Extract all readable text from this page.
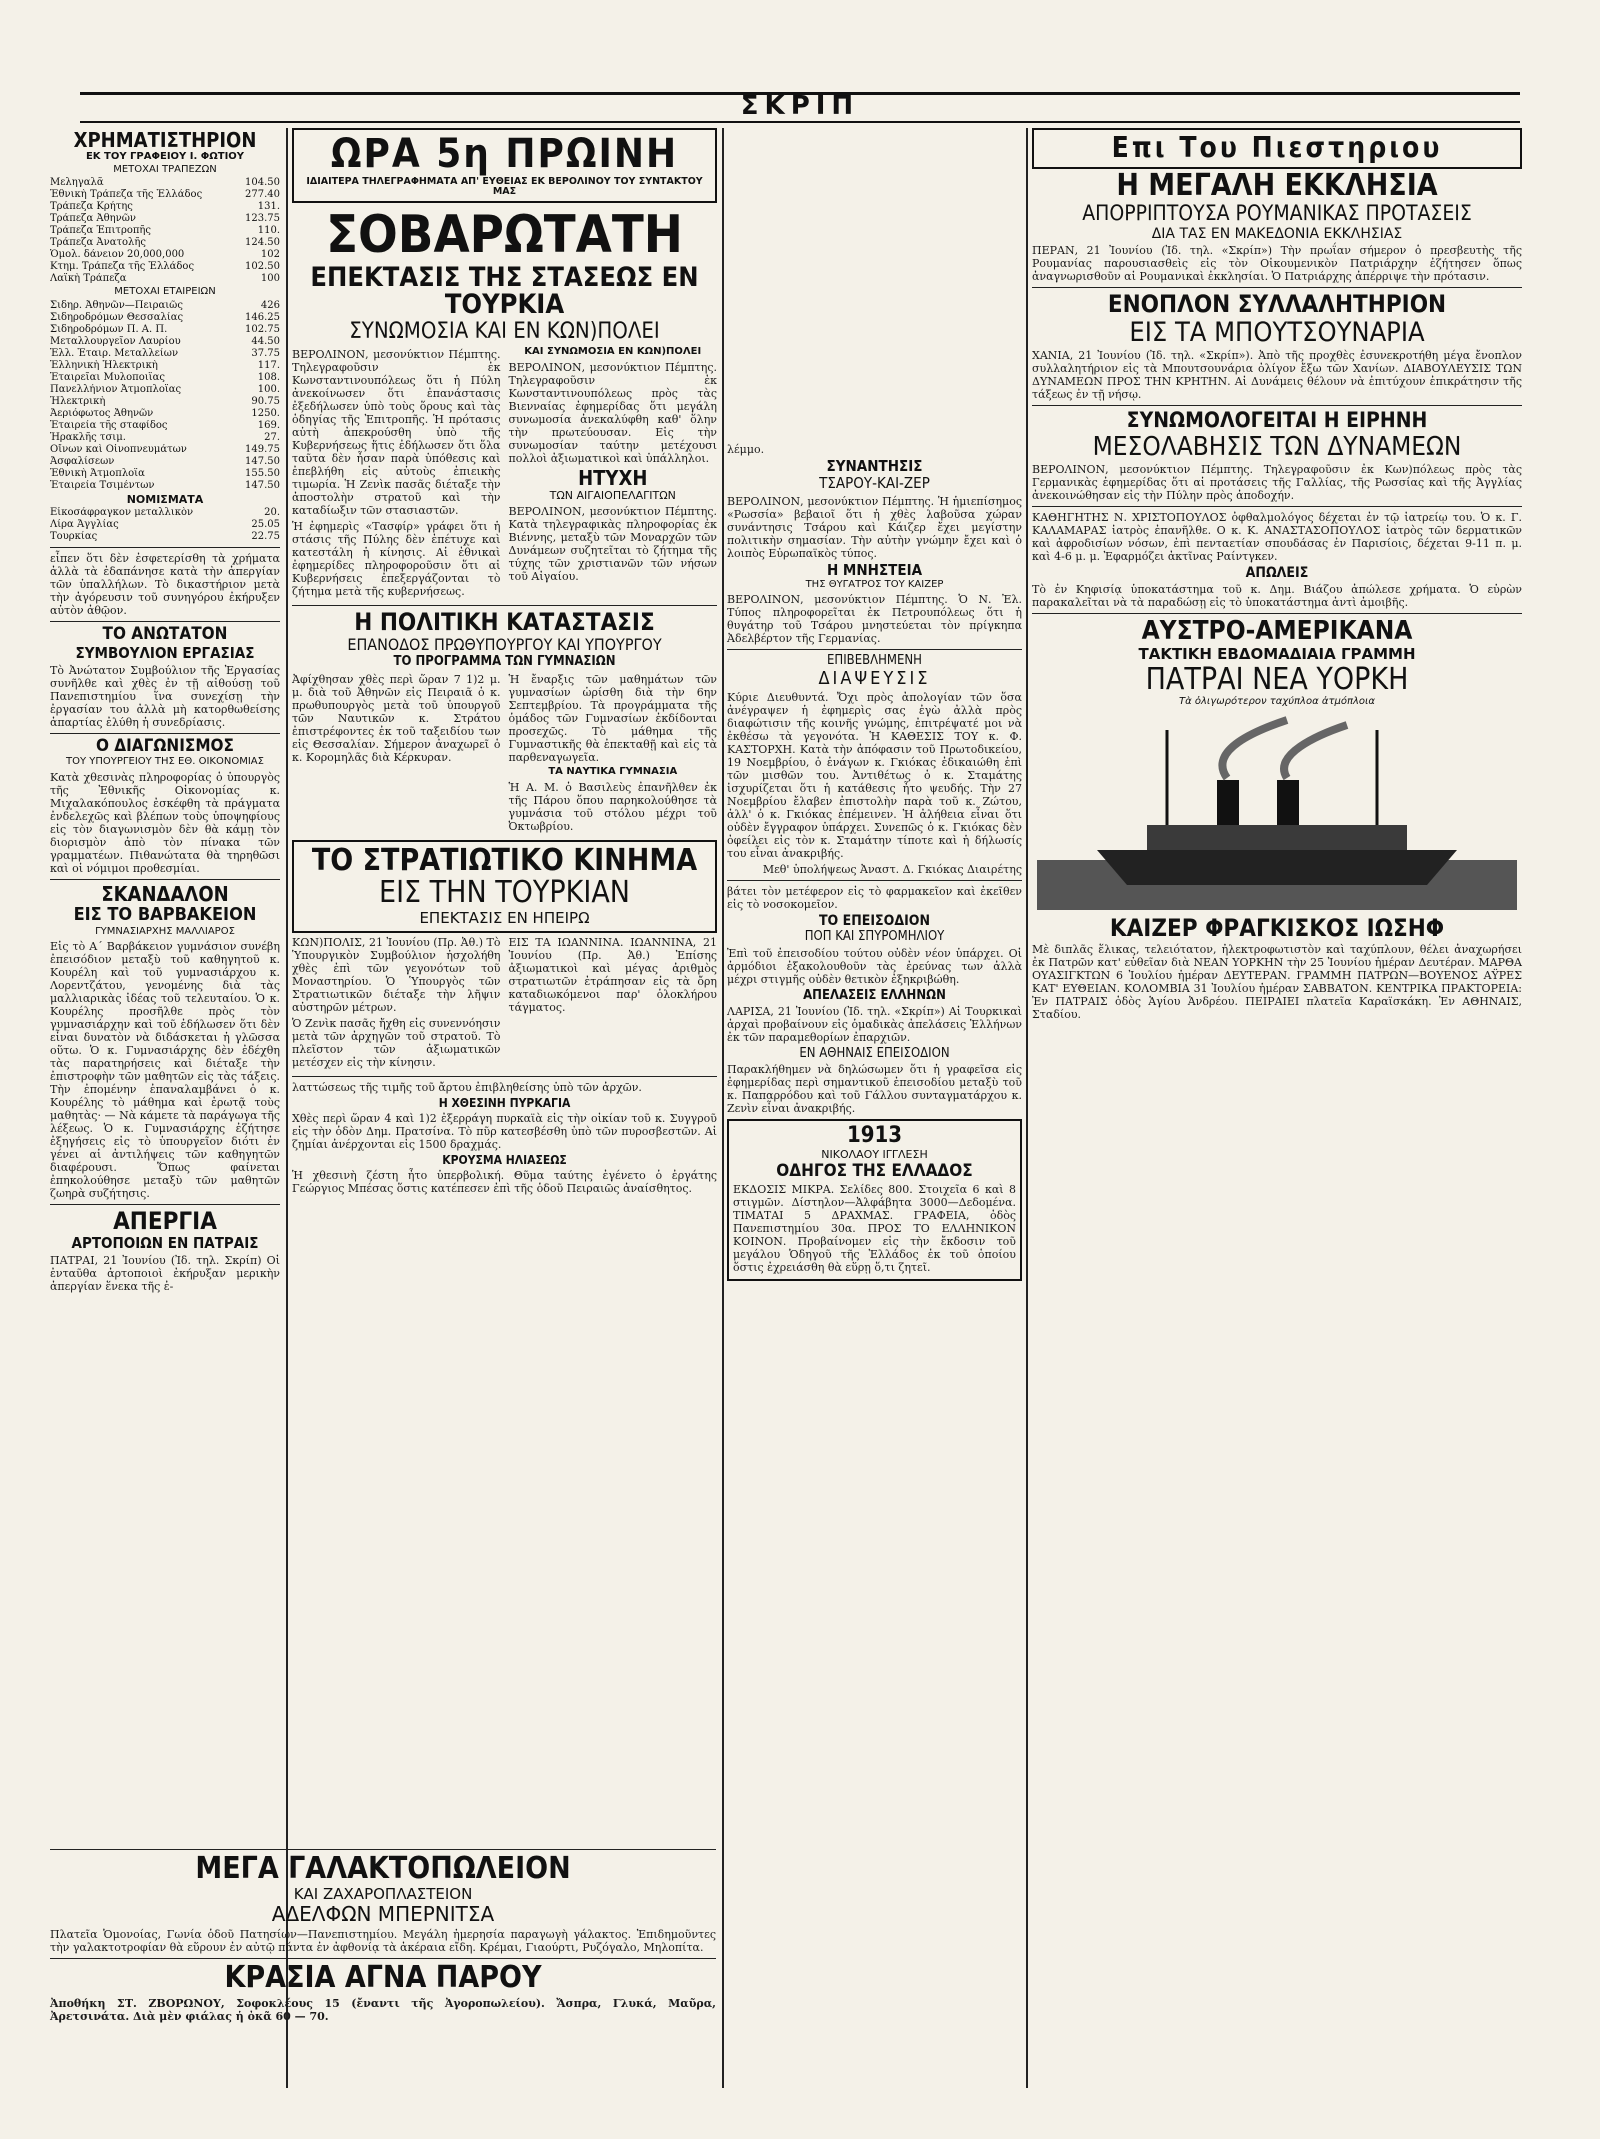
ΣΚΡΙΠ
ΧΡΗΜΑΤΙΣΤΗΡΙΟΝ
ΕΚ ΤΟΥ ΓΡΑΦΕΙΟΥ Ι. ΦΩΤΙΟΥ
ΜΕΤΟΧΑΙ ΤΡΑΠΕΖΩΝ
Μεληγαλᾶ	104.50
Ἐθνικὴ Τράπεζα τῆς Ἑλλάδος	277.40
Τράπεζα Κρήτης	131.
Τράπεζα Ἀθηνῶν	123.75
Τράπεζα Ἐπιτροπῆς	110.
Τράπεζα Ἀνατολῆς	124.50
Ὁμολ. δάνειον 20,000,000	102
Κτημ. Τράπεζα τῆς Ἑλλάδος	102.50
Λαϊκὴ Τράπεζα	100
ΜΕΤΟΧΑΙ ΕΤΑΙΡΕΙΩΝ
Σιδηρ. Ἀθηνῶν—Πειραιῶς	426
Σιδηροδρόμων Θεσσαλίας	146.25
Σιδηροδρόμων Π. Α. Π.	102.75
Μεταλλουργεῖον Λαυρίου	44.50
Ἑλλ. Ἑταιρ. Μεταλλείων	37.75
Ἑλληνικὴ Ἠλεκτρικὴ	117.
Ἑταιρεῖαι Μυλοποιΐας	108.
Πανελλήνιον Ἀτμοπλοΐας	100.
Ἠλεκτρικὴ	90.75
Ἀεριόφωτος Ἀθηνῶν	1250.
Ἑταιρεία τῆς σταφίδος	169.
Ἡρακλῆς τσιμ.	27.
Οἴνων καὶ Οἰνοπνευμάτων	149.75
Ἀσφαλίσεων	147.50
Ἐθνικὴ Ἀτμοπλοΐα	155.50
Ἑταιρεία Τσιμέντων	147.50
ΝΟΜΙΣΜΑΤΑ
Εἰκοσάφραγκον μεταλλικὸν	20.
Λίρα Ἀγγλίας	25.05
Τουρκίας	22.75
εἶπεν ὅτι δὲν ἐσφετερίσθη τὰ χρήματα ἀλλὰ τὰ ἐδαπάνησε κατὰ τὴν ἀπεργίαν τῶν ὑπαλλήλων. Τὸ δικαστήριον μετὰ τὴν ἀγόρευσιν τοῦ συνηγόρου ἐκήρυξεν αὐτὸν ἀθῷον.
ΤΟ ΑΝΩΤΑΤΟΝ
ΣΥΜΒΟΥΛΙΟΝ ΕΡΓΑΣΙΑΣ
Τὸ Ἀνώτατον Συμβούλιον τῆς Ἐργασίας συνῆλθε καὶ χθὲς ἐν τῇ αἰθούσῃ τοῦ Πανεπιστημίου ἵνα συνεχίσῃ τὴν ἐργασίαν του ἀλλὰ μὴ κατορθωθείσης ἀπαρτίας ἐλύθη ἡ συνεδρίασις.
Ο ΔΙΑΓΩΝΙΣΜΟΣ
ΤΟΥ ΥΠΟΥΡΓΕΙΟΥ ΤΗΣ ΕΘ. ΟΙΚΟΝΟΜΙΑΣ
Κατὰ χθεσινὰς πληροφορίας ὁ ὑπουργὸς τῆς Ἐθνικῆς Οἰκονομίας κ. Μιχαλακόπουλος ἐσκέφθη τὰ πράγματα ἐνδελεχῶς καὶ βλέπων τοὺς ὑποψηφίους εἰς τὸν διαγωνισμὸν δὲν θὰ κάμῃ τὸν διορισμὸν ἀπὸ τὸν πίνακα τῶν γραμματέων. Πιθανώτατα θὰ τηρηθῶσι καὶ οἱ νόμιμοι προθεσμίαι.
ΣΚΑΝΔΑΛΟΝ
ΕΙΣ ΤΟ ΒΑΡΒΑΚΕΙΟΝ
ΓΥΜΝΑΣΙΑΡΧΗΣ ΜΑΛΛΙΑΡΟΣ
Εἰς τὸ Α΄ Βαρβάκειον γυμνάσιον συνέβη ἐπεισόδιον μεταξὺ τοῦ καθηγητοῦ κ. Κουρέλη καὶ τοῦ γυμνασιάρχου κ. Λορεντζάτου, γενομένης διὰ τὰς μαλλιαρικὰς ἰδέας τοῦ τελευταίου. Ὁ κ. Κουρέλης προσῆλθε πρὸς τὸν γυμνασιάρχην καὶ τοῦ ἐδήλωσεν ὅτι δὲν εἶναι δυνατὸν νὰ διδάσκεται ἡ γλῶσσα οὕτω. Ὁ κ. Γυμνασιάρχης δὲν ἐδέχθη τὰς παρατηρήσεις καὶ διέταξε τὴν ἐπιστροφὴν τῶν μαθητῶν εἰς τὰς τάξεις. Τὴν ἐπομένην ἐπαναλαμβάνει ὁ κ. Κουρέλης τὸ μάθημα καὶ ἐρωτᾷ τοὺς μαθητὰς· — Νὰ κάμετε τὰ παράγωγα τῆς λέξεως. Ὁ κ. Γυμνασιάρχης ἐζήτησε ἐξηγήσεις εἰς τὸ ὑπουργεῖον διότι ἐν γένει αἱ ἀντιλήψεις τῶν καθηγητῶν διαφέρουσι. Ὅπως φαίνεται ἐπηκολούθησε μεταξὺ τῶν μαθητῶν ζωηρὰ συζήτησις.
ΑΠΕΡΓΙΑ
ΑΡΤΟΠΟΙΩΝ ΕΝ ΠΑΤΡΑΙΣ
ΠΑΤΡΑΙ, 21 Ἰουνίου (Ἰδ. τηλ. Σκρίπ) Οἱ ἐνταῦθα ἀρτοποιοὶ ἐκήρυξαν μερικὴν ἀπεργίαν ἕνεκα τῆς ἐ-
ΩΡΑ 5η ΠΡΩΙΝΗ
ΙΔΙΑΙΤΕΡΑ ΤΗΛΕΓΡΑΦΗΜΑΤΑ ΑΠ' ΕΥΘΕΙΑΣ ΕΚ ΒΕΡΟΛΙΝΟΥ ΤΟΥ ΣΥΝΤΑΚΤΟΥ ΜΑΣ
ΣΟΒΑΡΩΤΑΤΗ
ΕΠΕΚΤΑΣΙΣ ΤΗΣ ΣΤΑΣΕΩΣ ΕΝ ΤΟΥΡΚΙΑ
ΣΥΝΩΜΟΣΙΑ ΚΑΙ ΕΝ ΚΩΝ)ΠΟΛΕΙ
ΒΕΡΟΛΙΝΟΝ, μεσονύκτιον Πέμπτης. Τηλεγραφοῦσιν ἐκ Κωνσταντινουπόλεως ὅτι ἡ Πύλη ἀνεκοίνωσεν ὅτι ἐπανάστασις ἐξεδήλωσεν ὑπὸ τοὺς ὅρους καὶ τὰς ὁδηγίας τῆς Ἐπιτροπῆς. Ἡ πρότασις αὐτὴ ἀπεκρούσθη ὑπὸ τῆς Κυβερνήσεως ἥτις ἐδήλωσεν ὅτι ὅλα ταῦτα δὲν ἦσαν παρὰ ὑπόθεσις καὶ ἐπεβλήθη εἰς αὐτοὺς ἐπιεικὴς τιμωρία. Ἡ Ζενὶκ πασᾶς διέταξε τὴν ἀποστολὴν στρατοῦ καὶ τὴν καταδίωξιν τῶν στασιαστῶν.
Ἡ ἐφημερὶς «Τασφίρ» γράφει ὅτι ἡ στάσις τῆς Πύλης δὲν ἐπέτυχε καὶ κατεστάλη ἡ κίνησις. Αἱ ἐθνικαὶ ἐφημερίδες πληροφοροῦσιν ὅτι αἱ Κυβερνήσεις ἐπεξεργάζονται τὸ ζήτημα μετὰ τῆς κυβερνήσεως.
ΚΑΙ ΣΥΝΩΜΟΣΙΑ ΕΝ ΚΩΝ)ΠΟΛΕΙ
ΒΕΡΟΛΙΝΟΝ, μεσονύκτιον Πέμπτης. Τηλεγραφοῦσιν ἐκ Κωνσταντινουπόλεως πρὸς τὰς Βιενναίας ἐφημερίδας ὅτι μεγάλη συνωμοσία ἀνεκαλύφθη καθ' ὅλην τὴν πρωτεύουσαν. Εἰς τὴν συνωμοσίαν ταύτην μετέχουσι πολλοὶ ἀξιωματικοὶ καὶ ὑπάλληλοι.
ΗΤΥΧΗ
ΤΩΝ ΑΙΓΑΙΟΠΕΛΑΓΙΤΩΝ
ΒΕΡΟΛΙΝΟΝ, μεσονύκτιον Πέμπτης. Κατὰ τηλεγραφικὰς πληροφορίας ἐκ Βιέννης, μεταξὺ τῶν Μοναρχῶν τῶν Δυνάμεων συζητεῖται τὸ ζήτημα τῆς τύχης τῶν χριστιανῶν τῶν νήσων τοῦ Αἰγαίου.
Η ΠΟΛΙΤΙΚΗ ΚΑΤΑΣΤΑΣΙΣ
ΕΠΑΝΟΔΟΣ ΠΡΩΘΥΠΟΥΡΓΟΥ ΚΑΙ ΥΠΟΥΡΓΟΥ
ΤΟ ΠΡΟΓΡΑΜΜΑ ΤΩΝ ΓΥΜΝΑΣΙΩΝ
Ἀφίχθησαν χθὲς περὶ ὥραν 7 1)2 μ. μ. διὰ τοῦ Ἀθηνῶν εἰς Πειραιᾶ ὁ κ. πρωθυπουργὸς μετὰ τοῦ ὑπουργοῦ τῶν Ναυτικῶν κ. Στράτου ἐπιστρέφοντες ἐκ τοῦ ταξειδίου των εἰς Θεσσαλίαν. Σήμερον ἀναχωρεῖ ὁ κ. Κορομηλᾶς διὰ Κέρκυραν.
Ἡ ἔναρξις τῶν μαθημάτων τῶν γυμνασίων ὡρίσθη διὰ τὴν 6ην Σεπτεμβρίου. Τὰ προγράμματα τῆς ὁμάδος τῶν Γυμνασίων ἐκδίδονται προσεχῶς. Τὸ μάθημα τῆς Γυμναστικῆς θὰ ἐπεκταθῇ καὶ εἰς τὰ παρθεναγωγεῖα.
ΤΑ ΝΑΥΤΙΚΑ ΓΥΜΝΑΣΙΑ
Ἡ Α. Μ. ὁ Βασιλεὺς ἐπανῆλθεν ἐκ τῆς Πάρου ὅπου παρηκολούθησε τὰ γυμνάσια τοῦ στόλου μέχρι τοῦ Ὀκτωβρίου.
ΤΟ ΣΤΡΑΤΙΩΤΙΚΟ ΚΙΝΗΜΑ
ΕΙΣ ΤΗΝ ΤΟΥΡΚΙΑΝ
ΕΠΕΚΤΑΣΙΣ ΕΝ ΗΠΕΙΡΩ
ΚΩΝ)ΠΟΛΙΣ, 21 Ἰουνίου (Πρ. Ἀθ.) Τὸ Ὑπουργικὸν Συμβούλιον ἠσχολήθη χθὲς ἐπὶ τῶν γεγονότων τοῦ Μοναστηρίου. Ὁ Ὑπουργὸς τῶν Στρατιωτικῶν διέταξε τὴν λῆψιν αὐστηρῶν μέτρων.
Ὁ Ζενὶκ πασᾶς ἤχθη εἰς συνεννόησιν μετὰ τῶν ἀρχηγῶν τοῦ στρατοῦ. Τὸ πλεῖστον τῶν ἀξιωματικῶν μετέσχεν εἰς τὴν κίνησιν.
ΕΙΣ ΤΑ ΙΩΑΝΝΙΝΑ. ΙΩΑΝΝΙΝΑ, 21 Ἰουνίου (Πρ. Ἀθ.) Ἐπίσης ἀξιωματικοὶ καὶ μέγας ἀριθμὸς στρατιωτῶν ἐτράπησαν εἰς τὰ ὄρη καταδιωκόμενοι παρ' ὁλοκλήρου τάγματος.
λαττώσεως τῆς τιμῆς τοῦ ἄρτου ἐπιβληθείσης ὑπὸ τῶν ἀρχῶν.
Η ΧΘΕΣΙΝΗ ΠΥΡΚΑΓΙΑ
Χθὲς περὶ ὥραν 4 καὶ 1)2 ἐξερράγη πυρκαϊὰ εἰς τὴν οἰκίαν τοῦ κ. Συγγροῦ εἰς τὴν ὁδὸν Δημ. Πρατσίνα. Τὸ πῦρ κατεσβέσθη ὑπὸ τῶν πυροσβεστῶν. Αἱ ζημίαι ἀνέρχονται εἰς 1500 δραχμάς.
ΚΡΟΥΣΜΑ ΗΛΙΑΣΕΩΣ
Ἡ χθεσινὴ ζέστη ἦτο ὑπερβολική. Θῦμα ταύτης ἐγένετο ὁ ἐργάτης Γεώργιος Μπέσας ὅστις κατέπεσεν ἐπὶ τῆς ὁδοῦ Πειραιῶς ἀναίσθητος.
λέμμο.
ΣΥΝΑΝΤΗΣΙΣ
ΤΣΑΡΟΥ-ΚΑΙ-ΖΕΡ
ΒΕΡΟΛΙΝΟΝ, μεσονύκτιον Πέμπτης. Ἡ ἡμιεπίσημος «Ρωσσία» βεβαιοῖ ὅτι ἡ χθὲς λαβοῦσα χώραν συνάντησις Τσάρου καὶ Κάιζερ ἔχει μεγίστην πολιτικὴν σημασίαν. Τὴν αὐτὴν γνώμην ἔχει καὶ ὁ λοιπὸς Εὐρωπαϊκὸς τύπος.
Η ΜΝΗΣΤΕΙΑ
ΤΗΣ ΘΥΓΑΤΡΟΣ ΤΟΥ ΚΑΙΖΕΡ
ΒΕΡΟΛΙΝΟΝ, μεσονύκτιον Πέμπτης. Ὁ Ν. Ἐλ. Τύπος πληροφορεῖται ἐκ Πετρουπόλεως ὅτι ἡ θυγάτηρ τοῦ Τσάρου μνηστεύεται τὸν πρίγκηπα Ἀδελβέρτον τῆς Γερμανίας.
ΕΠΙΒΕΒΛΗΜΕΝΗ
ΔΙΑΨΕΥΣΙΣ
Κύριε Διευθυντά. Ὄχι πρὸς ἀπολογίαν τῶν ὅσα ἀνέγραψεν ἡ ἐφημερὶς σας ἐγὼ ἀλλὰ πρὸς διαφώτισιν τῆς κοινῆς γνώμης, ἐπιτρέψατέ μοι νὰ ἐκθέσω τὰ γεγονότα. Ἡ ΚΑΘΕΣΙΣ ΤΟΥ κ. Φ. ΚΑΣΤΟΡΧΗ. Κατὰ τὴν ἀπόφασιν τοῦ Πρωτοδικείου, 19 Νοεμβρίου, ὁ ἐνάγων κ. Γκιόκας ἐδικαιώθη ἐπὶ τῶν μισθῶν του. Ἀντιθέτως ὁ κ. Σταμάτης ἰσχυρίζεται ὅτι ἡ κατάθεσις ἦτο ψευδής. Τὴν 27 Νοεμβρίου ἔλαβεν ἐπιστολὴν παρὰ τοῦ κ. Ζώτου, ἀλλ' ὁ κ. Γκιόκας ἐπέμεινεν. Ἡ ἀλήθεια εἶναι ὅτι οὐδὲν ἔγγραφον ὑπάρχει. Συνεπῶς ὁ κ. Γκιόκας δὲν ὀφείλει εἰς τὸν κ. Σταμάτην τίποτε καὶ ἡ δήλωσίς του εἶναι ἀνακριβής.
Μεθ' ὑπολήψεως Ἀναστ. Δ. Γκιόκας Διαιρέτης
βάτει τὸν μετέφερον εἰς τὸ φαρμακεῖον καὶ ἐκεῖθεν εἰς τὸ νοσοκομεῖον.
ΤΟ ΕΠΕΙΣΟΔΙΟΝ
ΠΟΠ ΚΑΙ ΣΠΥΡΟΜΗΛΙΟΥ
Ἐπὶ τοῦ ἐπεισοδίου τούτου οὐδὲν νέον ὑπάρχει. Οἱ ἀρμόδιοι ἐξακολουθοῦν τὰς ἐρεύνας των ἀλλὰ μέχρι στιγμῆς οὐδὲν θετικὸν ἐξηκριβώθη.
ΑΠΕΛΑΣΕΙΣ ΕΛΛΗΝΩΝ
ΛΑΡΙΣΑ, 21 Ἰουνίου (Ἰδ. τηλ. «Σκρίπ») Αἱ Τουρκικαὶ ἀρχαὶ προβαίνουν εἰς ὁμαδικὰς ἀπελάσεις Ἑλλήνων ἐκ τῶν παραμεθορίων ἐπαρχιῶν.
ΕΝ ΑΘΗΝΑΙΣ ΕΠΕΙΣΟΔΙΟΝ
Παρακλήθημεν νὰ δηλώσωμεν ὅτι ἡ γραφεῖσα εἰς ἐφημερίδας περὶ σημαντικοῦ ἐπεισοδίου μεταξὺ τοῦ κ. Παπαρρόδου καὶ τοῦ Γάλλου συνταγματάρχου κ. Ζενὶν εἶναι ἀνακριβής.
1913
ΝΙΚΟΛΑΟΥ ΙΓΓΛΕΣΗ
ΟΔΗΓΟΣ ΤΗΣ ΕΛΛΑΔΟΣ
ΕΚΔΟΣΙΣ ΜΙΚΡΑ. Σελίδες 800. Στοιχεῖα 6 καὶ 8 στιγμῶν. Δίστηλον—Ἀλφάβητα 3000—Δεδομένα. ΤΙΜΑΤΑΙ 5 ΔΡΑΧΜΑΣ. ΓΡΑΦΕΙΑ, ὁδὸς Πανεπιστημίου 30α. ΠΡΟΣ ΤΟ ΕΛΛΗΝΙΚΟΝ ΚΟΙΝΟΝ. Προβαίνομεν εἰς τὴν ἔκδοσιν τοῦ μεγάλου Ὁδηγοῦ τῆς Ἑλλάδος ἐκ τοῦ ὁποίου ὅστις ἐχρειάσθη θὰ εὕρῃ ὅ,τι ζητεῖ.
Επι Του Πιεστηριου
Η ΜΕΓΑΛΗ ΕΚΚΛΗΣΙΑ
ΑΠΟΡΡΙΠΤΟΥΣΑ ΡΟΥΜΑΝΙΚΑΣ ΠΡΟΤΑΣΕΙΣ
ΔΙΑ ΤΑΣ ΕΝ ΜΑΚΕΔΟΝΙΑ ΕΚΚΛΗΣΙΑΣ
ΠΕΡΑΝ, 21 Ἰουνίου (Ἰδ. τηλ. «Σκρίπ») Τὴν πρωΐαν σήμερον ὁ πρεσβευτὴς τῆς Ρουμανίας παρουσιασθεὶς εἰς τὸν Οἰκουμενικὸν Πατριάρχην ἐζήτησεν ὅπως ἀναγνωρισθοῦν αἱ Ρουμανικαὶ ἐκκλησίαι. Ὁ Πατριάρχης ἀπέρριψε τὴν πρότασιν.
ΕΝΟΠΛΟΝ ΣΥΛΛΑΛΗΤΗΡΙΟΝ
ΕΙΣ ΤΑ ΜΠΟΥΤΣΟΥΝΑΡΙΑ
ΧΑΝΙΑ, 21 Ἰουνίου (Ἰδ. τηλ. «Σκρίπ»). Ἀπὸ τῆς προχθὲς ἐσυνεκροτήθη μέγα ἔνοπλον συλλαλητήριον εἰς τὰ Μπουτσουνάρια ὀλίγον ἔξω τῶν Χανίων. ΔΙΑΒΟΥΛΕΥΣΙΣ ΤΩΝ ΔΥΝΑΜΕΩΝ ΠΡΟΣ ΤΗΝ ΚΡΗΤΗΝ. Αἱ Δυνάμεις θέλουν νὰ ἐπιτύχουν ἐπικράτησιν τῆς τάξεως ἐν τῇ νήσῳ.
ΣΥΝΩΜΟΛΟΓΕΙΤΑΙ Η ΕΙΡΗΝΗ
ΜΕΣΟΛΑΒΗΣΙΣ ΤΩΝ ΔΥΝΑΜΕΩΝ
ΒΕΡΟΛΙΝΟΝ, μεσονύκτιον Πέμπτης. Τηλεγραφοῦσιν ἐκ Κων)πόλεως πρὸς τὰς Γερμανικὰς ἐφημερίδας ὅτι αἱ προτάσεις τῆς Γαλλίας, τῆς Ρωσσίας καὶ τῆς Ἀγγλίας ἀνεκοινώθησαν εἰς τὴν Πύλην πρὸς ἀποδοχήν.
ΚΑΘΗΓΗΤΗΣ Ν. ΧΡΙΣΤΟΠΟΥΛΟΣ ὀφθαλμολόγος δέχεται ἐν τῷ ἰατρείῳ του. Ὁ κ. Γ. ΚΑΛΑΜΑΡΑΣ ἰατρὸς ἐπανῆλθε. Ο κ. Κ. ΑΝΑΣΤΑΣΟΠΟΥΛΟΣ ἰατρὸς τῶν δερματικῶν καὶ ἀφροδισίων νόσων, ἐπὶ πενταετίαν σπουδάσας ἐν Παρισίοις, δέχεται 9-11 π. μ. καὶ 4-6 μ. μ. Ἐφαρμόζει ἀκτῖνας Ραίντγκεν.
ΑΠΩΛΕΙΣ
Τὸ ἐν Κηφισίᾳ ὑποκατάστημα τοῦ κ. Δημ. Βιάζου ἀπώλεσε χρήματα. Ὁ εὑρὼν παρακαλεῖται νὰ τὰ παραδώσῃ εἰς τὸ ὑποκατάστημα ἀντὶ ἀμοιβῆς.
ΑΥΣΤΡΟ-ΑΜΕΡΙΚΑΝΑ
ΤΑΚΤΙΚΗ ΕΒΔΟΜΑΔΙΑΙΑ ΓΡΑΜΜΗ
ΠΑΤΡΑΙ ΝΕΑ ΥΟΡΚΗ
Τὰ ὀλιγωρότερον ταχύπλοα ἀτμόπλοια
ΚΑΙΖΕΡ ΦΡΑΓΚΙΣΚΟΣ ΙΩΣΗΦ
Μὲ διπλᾶς ἕλικας, τελειότατον, ἠλεκτροφωτιστὸν καὶ ταχύπλουν, θέλει ἀναχωρήσει ἐκ Πατρῶν κατ' εὐθεῖαν διὰ ΝΕΑΝ ΥΟΡΚΗΝ τὴν 25 Ἰουνίου ἡμέραν Δευτέραν. ΜΑΡΘΑ ΟΥΑΣΙΓΚΤΩΝ 6 Ἰουλίου ἡμέραν ΔΕΥΤΕΡΑΝ. ΓΡΑΜΜΗ ΠΑΤΡΩΝ—ΒΟΥΕΝΟΣ ΑΫΡΕΣ ΚΑΤ' ΕΥΘΕΙΑΝ. ΚΟΛΟΜΒΙΑ 31 Ἰουλίου ἡμέραν ΣΑΒΒΑΤΟΝ. ΚΕΝΤΡΙΚΑ ΠΡΑΚΤΟΡΕΙΑ: Ἐν ΠΑΤΡΑΙΣ ὁδὸς Ἁγίου Ἀνδρέου. ΠΕΙΡΑΙΕΙ πλατεῖα Καραϊσκάκη. Ἐν ΑΘΗΝΑΙΣ, Σταδίου.
ΜΕΓΑ ΓΑΛΑΚΤΟΠΩΛΕΙΟΝ
ΚΑΙ ΖΑΧΑΡΟΠΛΑΣΤΕΙΟΝ
ΑΔΕΛΦΩΝ ΜΠΕΡΝΙΤΣΑ
Πλατεῖα Ὁμονοίας, Γωνία ὁδοῦ Πατησίων—Πανεπιστημίου. Μεγάλη ἡμερησία παραγωγὴ γάλακτος. Ἐπιδημοῦντες τὴν γαλακτοτροφίαν θὰ εὕρουν ἐν αὐτῷ πάντα ἐν ἀφθονίᾳ τὰ ἀκέραια εἴδη. Κρέμαι, Γιαούρτι, Ρυζόγαλο, Μηλοπίτα.
ΚΡΑΣΙΑ ΑΓΝΑ ΠΑΡΟΥ
Ἀποθήκη ΣΤ. ΖΒΟΡΩΝΟΥ, Σοφοκλέους 15 (ἔναντι τῆς Ἀγοροπωλείου). Ἄσπρα, Γλυκά, Μαῦρα, Ἀρετσινάτα. Διὰ μὲν φιάλας ἡ ὀκᾶ 60 — 70.
